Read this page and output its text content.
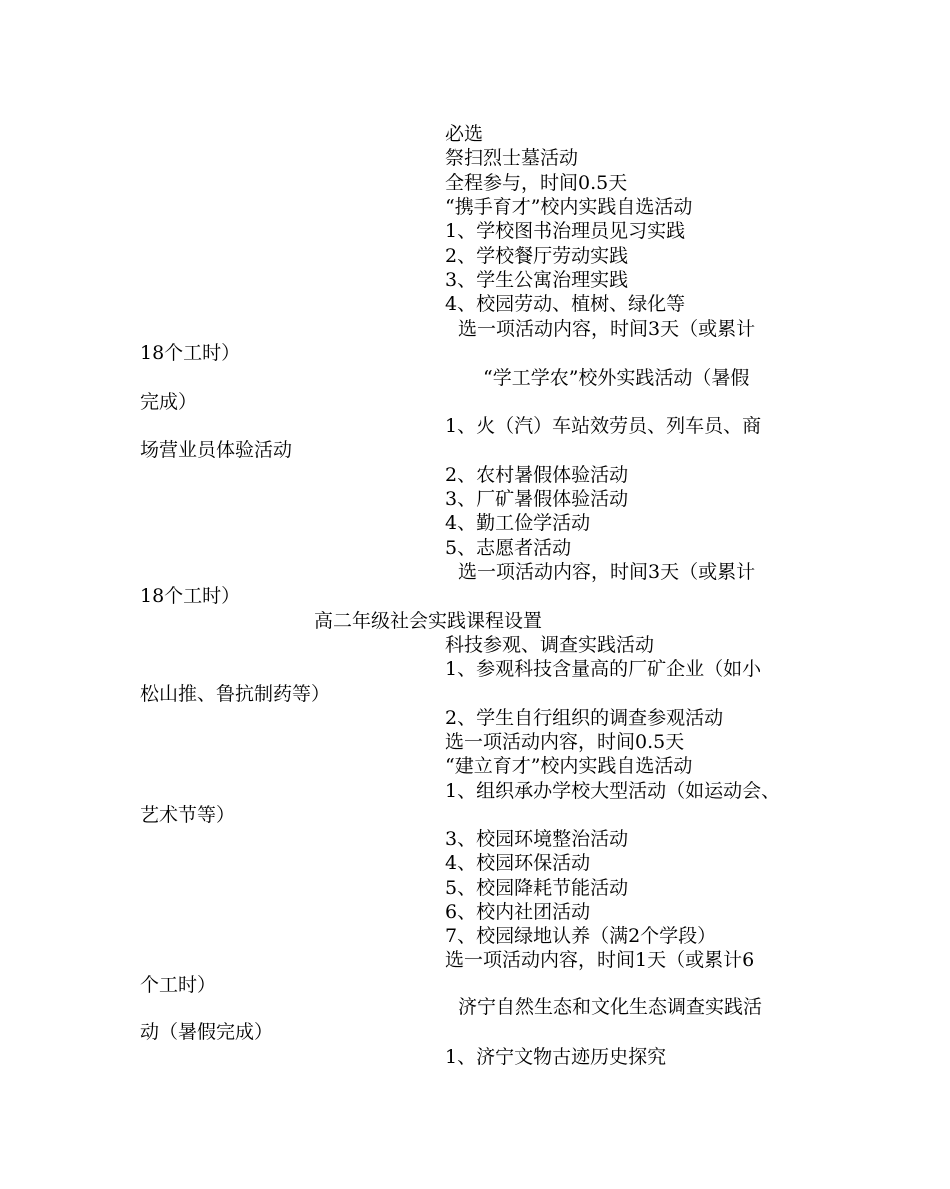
必选
祭扫烈士墓活动
全程参与，时间0.5天
“携手育才”校内实践自选活动
1、学校图书治理员见习实践
2、学校餐厅劳动实践
3、学生公寓治理实践
4、校园劳动、植树、绿化等
选一项活动内容，时间3天（或累计
18个工时）
“学工学农”校外实践活动（暑假
完成）
1、火（汽）车站效劳员、列车员、商
场营业员体验活动
2、农村暑假体验活动
3、厂矿暑假体验活动
4、勤工俭学活动
5、志愿者活动
选一项活动内容，时间3天（或累计
18个工时）
高二年级社会实践课程设置
科技参观、调查实践活动
1、参观科技含量高的厂矿企业（如小
松山推、鲁抗制药等）
2、学生自行组织的调查参观活动
选一项活动内容，时间0.5天
“建立育才”校内实践自选活动
1、组织承办学校大型活动（如运动会、
艺术节等）
3、校园环境整治活动
4、校园环保活动
5、校园降耗节能活动
6、校内社团活动
7、校园绿地认养（满2个学段）
选一项活动内容，时间1天（或累计6
个工时）
济宁自然生态和文化生态调查实践活
动（暑假完成）
1、济宁文物古迹历史探究
